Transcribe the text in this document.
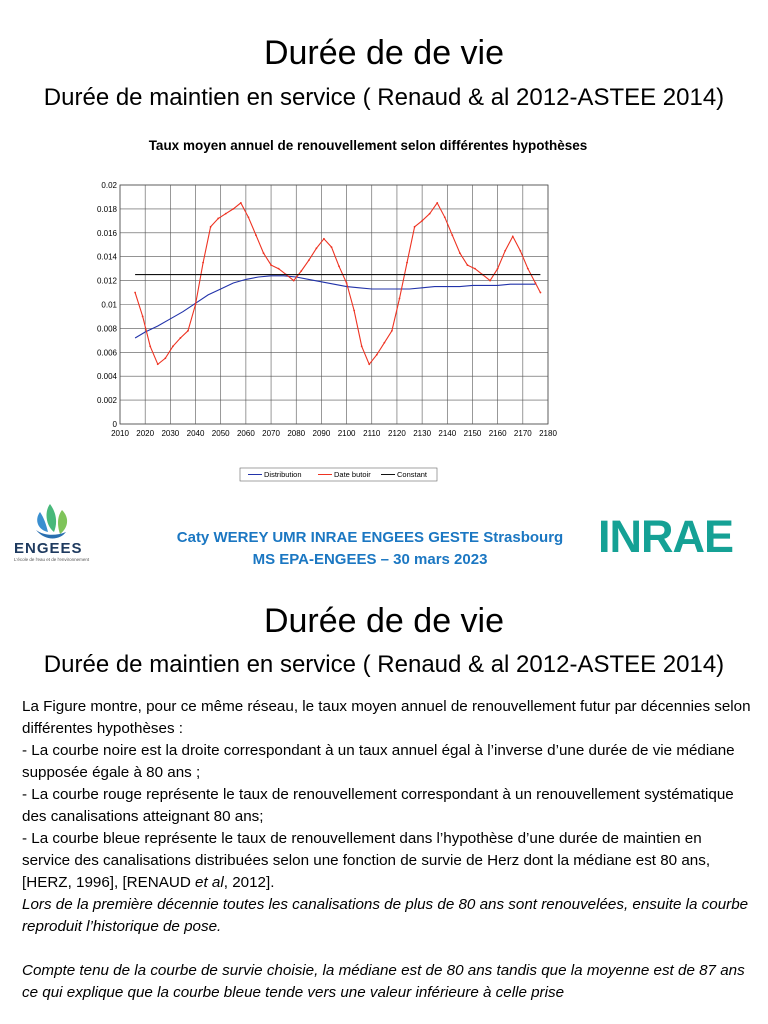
Durée de de vie
Durée de maintien en service ( Renaud & al 2012-ASTEE 2014)
Taux moyen annuel de renouvellement selon différentes hypothèses
0
0.002
0.004
0.006
0.008
0.01
0.012
0.014
0.016
0.018
0.02
2010 2020 2030 2040 2050 2060 2070 2080 2090 2100 2110 2120 2130 2140 2150 2160 2170 2180
Distribution	Date butoir	Constant
ENGEES
L'école de l'eau et de l'environnement
Caty WEREY UMR INRAE ENGEES GESTE Strasbourg
MS EPA-ENGEES – 30 mars 2023	INRAE
Durée de de vie
Durée de maintien en service ( Renaud & al 2012-ASTEE 2014)

La Figure montre, pour ce même réseau, le taux moyen annuel de renouvellement futur par décennies selon différentes hypothèses :

- La courbe noire est la droite correspondant à un taux annuel égal à l’inverse d’une durée de vie médiane supposée égale à 80 ans ;

- La courbe rouge représente le taux de renouvellement correspondant à un renouvellement systématique des canalisations atteignant 80 ans;

- La courbe bleue représente le taux de renouvellement dans l’hypothèse d’une durée de maintien en service des canalisations distribuées selon une fonction de survie de Herz dont la médiane est 80 ans,[HERZ, 1996], [RENAUD et al, 2012].

Lors de la première décennie toutes les canalisations de plus de 80 ans sont renouvelées, ensuite la courbe reproduit l’historique de pose.

Compte tenu de la courbe de survie choisie, la médiane est de 80 ans tandis que la moyenne est de 87 ans ce qui explique que la courbe bleue tende vers une valeur inférieure à celle prise
